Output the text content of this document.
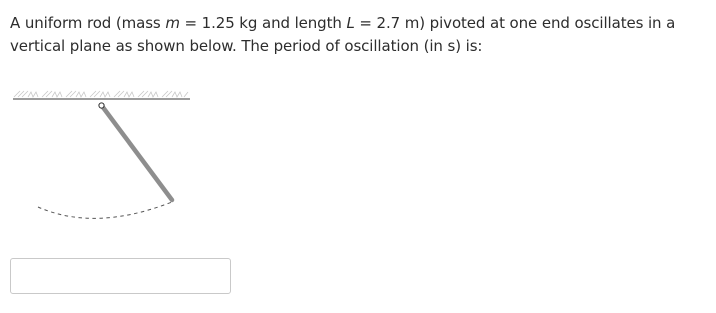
A uniform rod (mass m = 1.25 kg and length L = 2.7 m) pivoted at one end oscillates in a vertical plane as shown below. The period of oscillation (in s) is:
